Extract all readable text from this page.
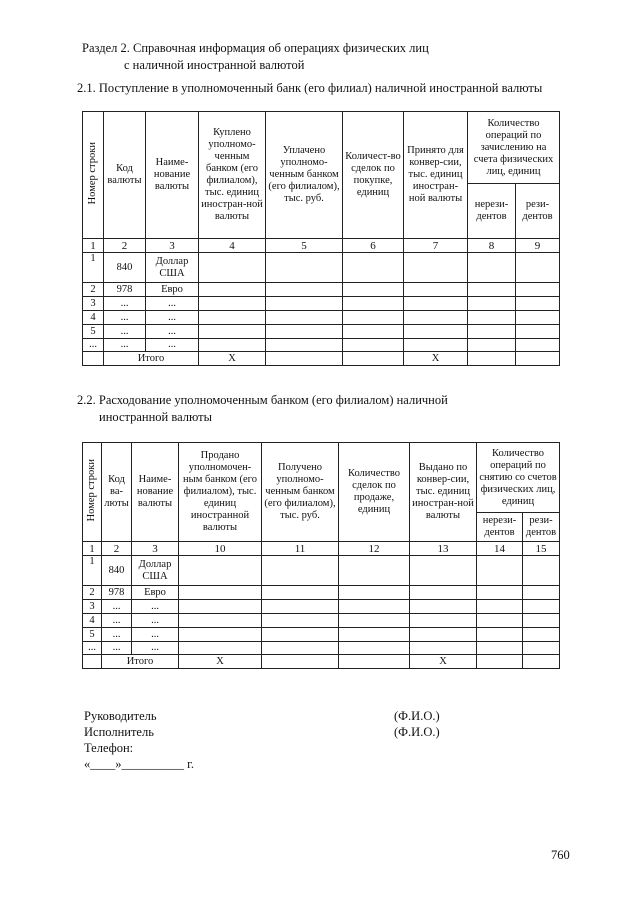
Раздел 2. Справочная информация об операциях физических лиц
с наличной иностранной валютой
2.1. Поступление в уполномоченный банк (его филиал) наличной иностранной валюты
Номер строки	Код валюты	Наиме-нование валюты	Куплено уполномо-ченным банком (его филиалом), тыс. единиц иностран-ной валюты	Уплачено уполномо-ченным банком (его филиалом), тыс. руб.	Количест-во сделок по покупке, единиц	Принято для конвер-сии, тыс. единиц иностран-ной валюты	Количество операций по зачислению на счета физических лиц, единиц	
							нерези-дентов	рези-дентов
1	2	3	4	5	6	7	8	9
1	840	Доллар США						
2	978	Евро						
3	...	...						
4	...	...						
5	...	...						
...	...	...						
	Итого		X			X		
2.2. Расходование уполномоченным банком (его филиалом) наличной
иностранной валюты
Номер строки	Код ва-люты	Наиме-нование валюты	Продано уполномочен-ным банком (его филиалом), тыс. единиц иностранной валюты	Получено уполномо-ченным банком (его филиалом), тыс. руб.	Количество сделок по продаже, единиц	Выдано по конвер-сии, тыс. единиц иностран-ной валюты	Количество операций по снятию со счетов физических лиц, единиц	
							нерези-дентов	рези-дентов
1	2	3	10	11	12	13	14	15
1	840	Доллар США						
2	978	Евро						
3	...	...						
4	...	...						
5	...	...						
...	...	...						
	Итого		X			X		
Руководитель
Исполнитель
Телефон:
«____»__________ г.
(Ф.И.О.)
(Ф.И.О.)
760
